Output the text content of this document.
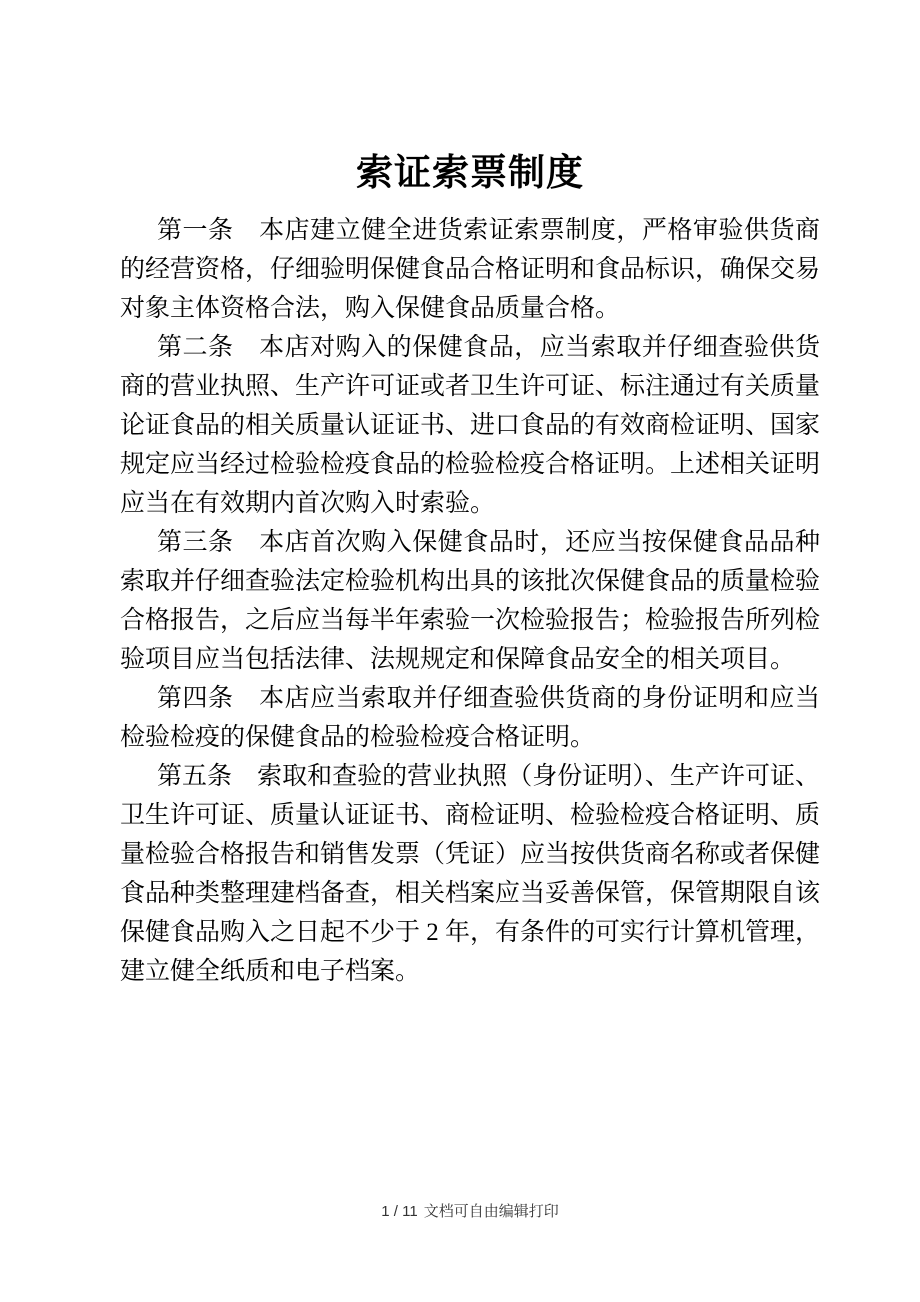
索证索票制度

第一条　本店建立健全进货索证索票制度，严格审验供货商的经营资格，仔细验明保健食品合格证明和食品标识，确保交易对象主体资格合法，购入保健食品质量合格。

第二条　本店对购入的保健食品，应当索取并仔细查验供货商的营业执照、生产许可证或者卫生许可证、标注通过有关质量论证食品的相关质量认证证书、进口食品的有效商检证明、国家规定应当经过检验检疫食品的检验检疫合格证明。上述相关证明应当在有效期内首次购入时索验。

第三条　本店首次购入保健食品时，还应当按保健食品品种索取并仔细查验法定检验机构出具的该批次保健食品的质量检验合格报告，之后应当每半年索验一次检验报告；检验报告所列检验项目应当包括法律、法规规定和保障食品安全的相关项目。

第四条　本店应当索取并仔细查验供货商的身份证明和应当检验检疫的保健食品的检验检疫合格证明。

第五条　索取和查验的营业执照（身份证明）、生产许可证、卫生许可证、质量认证证书、商检证明、检验检疫合格证明、质量检验合格报告和销售发票（凭证）应当按供货商名称或者保健食品种类整理建档备查，相关档案应当妥善保管，保管期限自该保健食品购入之日起不少于 2 年，有条件的可实行计算机管理，建立健全纸质和电子档案。

1 / 11 文档可自由编辑打印
